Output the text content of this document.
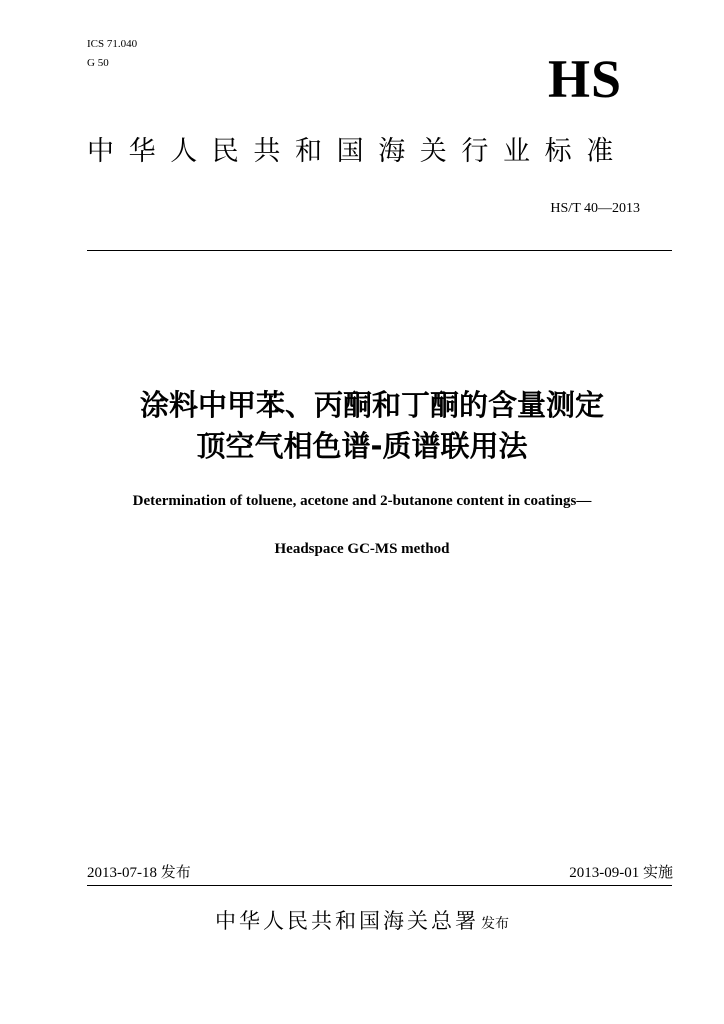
ICS 71.040
G 50	HS
中华人民共和国海关行业标准
HS/T 40—2013
涂料中甲苯、丙酮和丁酮的含量测定
顶空气相色谱-质谱联用法
Determination of toluene, acetone and 2-butanone content in coatings—
Headspace GC-MS method
2013-07-18 发布	2013-09-01 实施
中华人民共和国海关总署 发布
